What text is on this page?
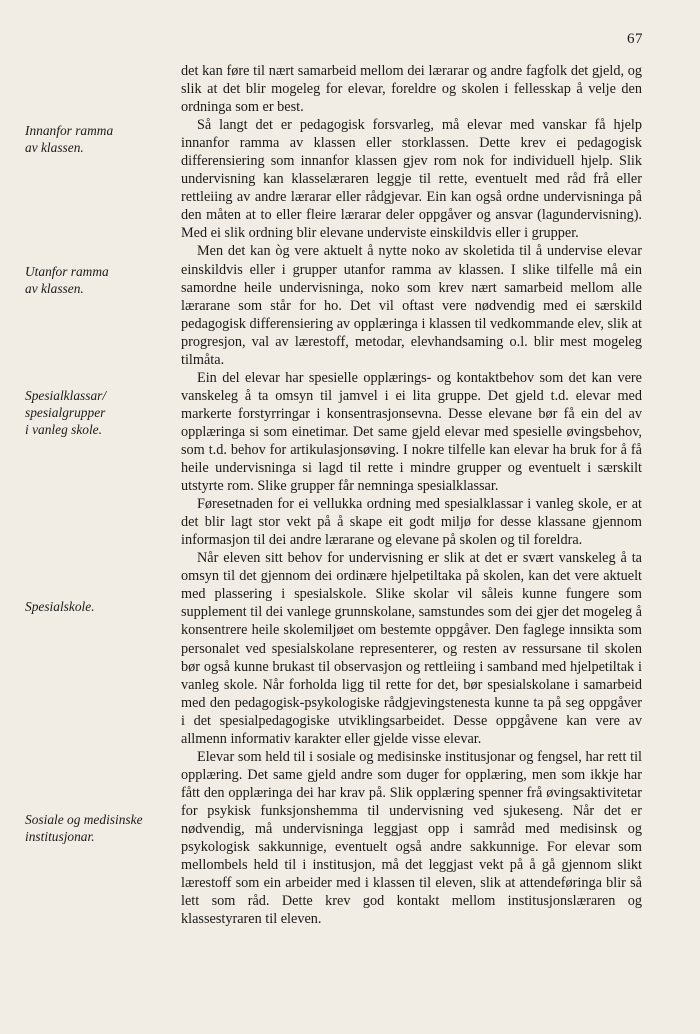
67
Innanfor ramma
av klassen.
Utanfor ramma
av klassen.
Spesialklassar/
spesialgrupper
i vanleg skole.
Spesialskole.
Sosiale og medisinske
institusjonar.

det kan føre til nært samarbeid mellom dei lærarar og andre fagfolk det gjeld, og slik at det blir mogeleg for elevar, foreldre og skolen i fellesskap å velje den ordninga som er best.

Så langt det er pedagogisk forsvarleg, må elevar med vanskar få hjelp innanfor ramma av klassen eller storklassen. Dette krev ei pedagogisk differensiering som innanfor klassen gjev rom nok for individuell hjelp. Slik undervisning kan klasselæraren leggje til rette, eventuelt med råd frå eller rettleiing av andre lærarar eller rådgjevar. Ein kan også ordne undervisninga på den måten at to eller fleire lærarar deler oppgåver og ansvar (lagundervisning). Med ei slik ordning blir elevane underviste einskildvis eller i grupper.

Men det kan òg vere aktuelt å nytte noko av skoletida til å undervise elevar einskildvis eller i grupper utanfor ramma av klassen. I slike tilfelle må ein samordne heile undervisninga, noko som krev nært samarbeid mellom alle lærarane som står for ho. Det vil oftast vere nødvendig med ei særskild pedagogisk differensiering av opplæringa i klassen til vedkommande elev, slik at progresjon, val av lærestoff, metodar, elevhandsaming o.l. blir mest mogeleg tilmåta.

Ein del elevar har spesielle opplærings- og kontaktbehov som det kan vere vanskeleg å ta omsyn til jamvel i ei lita gruppe. Det gjeld t.d. elevar med markerte forstyrringar i konsentrasjonsevna. Desse elevane bør få ein del av opplæringa si som einetimar. Det same gjeld elevar med spesielle øvingsbehov, som t.d. behov for artikulasjonsøving. I nokre tilfelle kan elevar ha bruk for å få heile undervisninga si lagd til rette i mindre grupper og eventuelt i særskilt utstyrte rom. Slike grupper får nemninga spesialklassar.

Føresetnaden for ei vellukka ordning med spesialklassar i vanleg skole, er at det blir lagt stor vekt på å skape eit godt miljø for desse klassane gjennom informasjon til dei andre lærarane og elevane på skolen og til foreldra.

Når eleven sitt behov for undervisning er slik at det er svært vanskeleg å ta omsyn til det gjennom dei ordinære hjelpetiltaka på skolen, kan det vere aktuelt med plassering i spesialskole. Slike skolar vil såleis kunne fungere som supplement til dei vanlege grunnskolane, samstundes som dei gjer det mogeleg å konsentrere heile skolemiljøet om bestemte oppgåver. Den faglege innsikta som personalet ved spesialskolane representerer, og resten av ressursane til skolen bør også kunne brukast til observasjon og rettleiing i samband med hjelpetiltak i vanleg skole. Når forholda ligg til rette for det, bør spesialskolane i samarbeid med den pedagogisk-psykologiske rådgjevingstenesta kunne ta på seg oppgåver i det spesialpedagogiske utviklingsarbeidet. Desse oppgåvene kan vere av allmenn informativ karakter eller gjelde visse elevar.

Elevar som held til i sosiale og medisinske institusjonar og fengsel, har rett til opplæring. Det same gjeld andre som duger for opplæring, men som ikkje har fått den opplæringa dei har krav på. Slik opplæring spenner frå øvingsaktivitetar for psykisk funksjonshemma til undervisning ved sjukeseng. Når det er nødvendig, må undervisninga leggjast opp i samråd med medisinsk og psykologisk sakkunnige, eventuelt også andre sakkunnige. For elevar som mellombels held til i institusjon, må det leggjast vekt på å gå gjennom slikt lærestoff som ein arbeider med i klassen til eleven, slik at attendeføringa blir så lett som råd. Dette krev god kontakt mellom institusjonslæraren og klassestyraren til eleven.
